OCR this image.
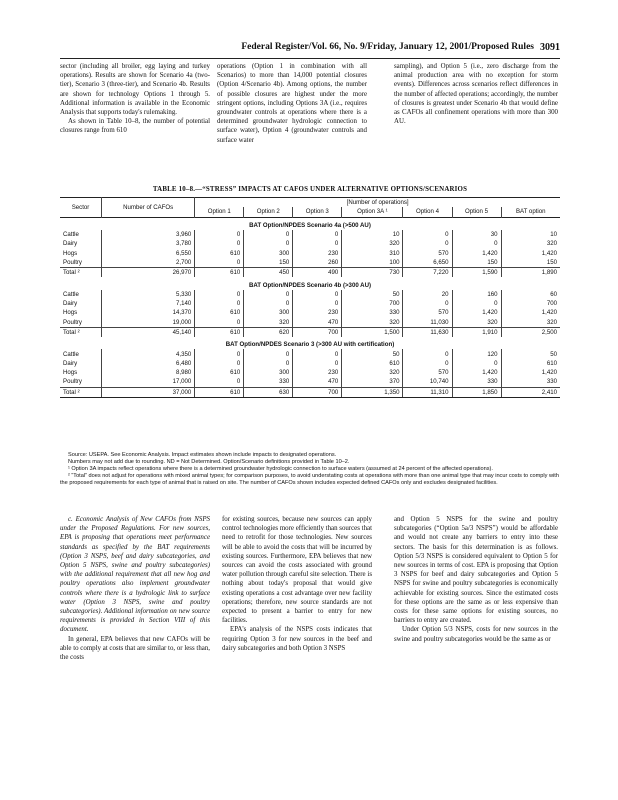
Federal Register/Vol. 66, No. 9/Friday, January 12, 2001/Proposed Rules 3091

sector (including all broiler, egg laying and turkey operations). Results are shown for Scenario 4a (two-tier), Scenario 3 (three-tier), and Scenario 4b. Results are shown for technology Options 1 through 5. Additional information is available in the Economic Analysis that supports today's rulemaking.

As shown in Table 10–8, the number of potential closures range from 610

operations (Option 1 in combination with all Scenarios) to more than 14,000 potential closures (Option 4/Scenario 4b). Among options, the number of possible closures are highest under the more stringent options, including Options 3A (i.e., requires groundwater controls at operations where there is a determined groundwater hydrologic connection to surface water), Option 4 (groundwater controls and surface water

sampling), and Option 5 (i.e., zero discharge from the animal production area with no exception for storm events). Differences across scenarios reflect differences in the number of affected operations; accordingly, the number of closures is greatest under Scenario 4b that would define as CAFOs all confinement operations with more than 300 AU.

TABLE 10–8.—“STRESS” IMPACTS AT CAFOS UNDER ALTERNATIVE OPTIONS/SCENARIOS
Sector	Number of CAFOs	[Number of operations]						
		Option 1	Option 2	Option 3	Option 3A ¹	Option 4	Option 5	BAT option
BAT Option/NPDES Scenario 4a (>500 AU)								
Cattle	3,960	0	0	0	10	0	30	10
Dairy	3,780	0	0	0	320	0	0	320
Hogs	6,550	610	300	230	310	570	1,420	1,420
Poultry	2,700	0	150	260	100	6,650	150	150
Total ²	26,970	610	450	490	730	7,220	1,590	1,890
BAT Option/NPDES Scenario 4b (>300 AU)								
Cattle	5,330	0	0	0	50	20	160	60
Dairy	7,140	0	0	0	700	0	0	700
Hogs	14,370	610	300	230	330	570	1,420	1,420
Poultry	19,000	0	320	470	320	11,030	320	320
Total ²	45,140	610	620	700	1,500	11,630	1,910	2,500
BAT Option/NPDES Scenario 3 (>300 AU with certification)								
Cattle	4,350	0	0	0	50	0	120	50
Dairy	6,480	0	0	0	610	0	0	610
Hogs	8,980	610	300	230	320	570	1,420	1,420
Poultry	17,000	0	330	470	370	10,740	330	330
Total ²	37,000	610	630	700	1,350	11,310	1,850	2,410

Source: USEPA. See Economic Analysis. Impact estimates shown include impacts to designated operations.

Numbers may not add due to rounding. ND = Not Determined. Option/Scenario definitions provided in Table 10–2.

¹ Option 3A impacts reflect operations where there is a determined groundwater hydrologic connection to surface waters (assumed at 24 percent of the affected operations).

² “Total” does not adjust for operations with mixed animal types; for comparison purposes, to avoid understating costs at operations with more than one animal type that may incur costs to comply with the proposed requirements for each type of animal that is raised on site. The number of CAFOs shown includes expected defined CAFOs only and excludes designated facilities.

c. Economic Analysis of New CAFOs from NSPS under the Proposed Regulations. For new sources, EPA is proposing that operations meet performance standards as specified by the BAT requirements (Option 3 NSPS, beef and dairy subcategories, and Option 5 NSPS, swine and poultry subcategories) with the additional requirement that all new hog and poultry operations also implement groundwater controls where there is a hydrologic link to surface water (Option 3 NSPS, swine and poultry subcategories). Additional information on new source requirements is provided in Section VIII of this document.

In general, EPA believes that new CAFOs will be able to comply at costs that are similar to, or less than, the costs

for existing sources, because new sources can apply control technologies more efficiently than sources that need to retrofit for those technologies. New sources will be able to avoid the costs that will be incurred by existing sources. Furthermore, EPA believes that new sources can avoid the costs associated with ground water pollution through careful site selection. There is nothing about today's proposal that would give existing operations a cost advantage over new facility operations; therefore, new source standards are not expected to present a barrier to entry for new facilities.

EPA's analysis of the NSPS costs indicates that requiring Option 3 for new sources in the beef and dairy subcategories and both Option 3 NSPS

and Option 5 NSPS for the swine and poultry subcategories (“Option 5a/3 NSPS”) would be affordable and would not create any barriers to entry into these sectors. The basis for this determination is as follows. Option 5/3 NSPS is considered equivalent to Option 5 for new sources in terms of cost. EPA is proposing that Option 3 NSPS for beef and dairy subcategories and Option 5 NSPS for swine and poultry subcategories is economically achievable for existing sources. Since the estimated costs for these options are the same as or less expensive than costs for these same options for existing sources, no barriers to entry are created.

Under Option 5/3 NSPS, costs for new sources in the swine and poultry subcategories would be the same as or
